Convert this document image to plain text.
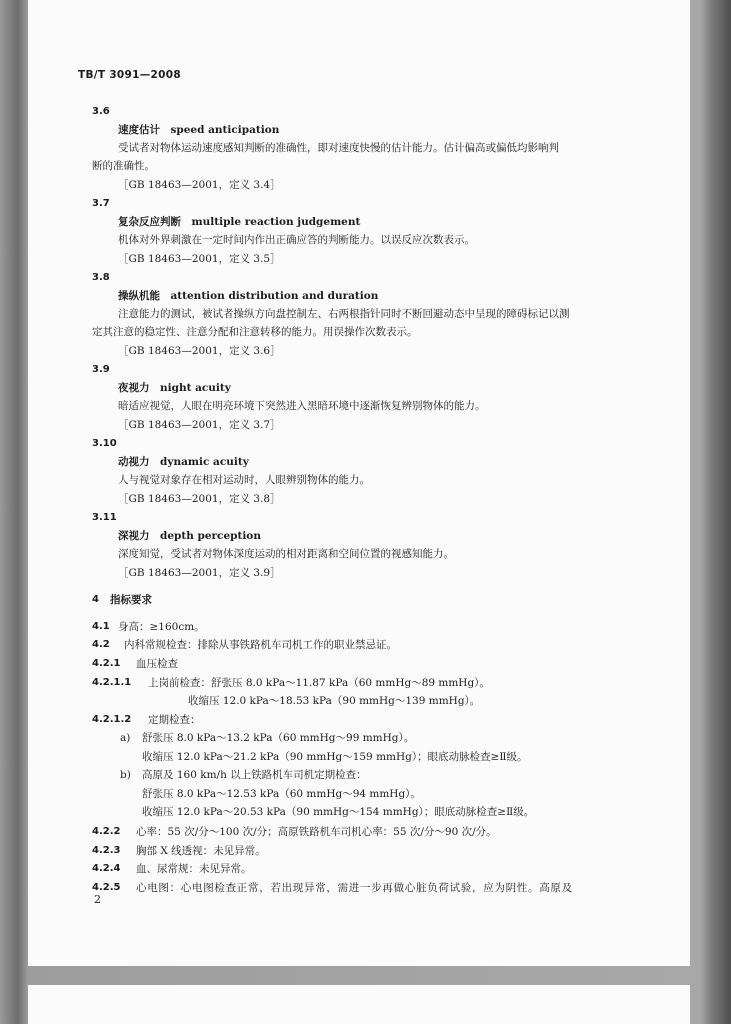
TB/T 3091—2008
3.6
速度估计　speed anticipation
受试者对物体运动速度感知判断的准确性，即对速度快慢的估计能力。估计偏高或偏低均影响判
断的准确性。
［GB 18463—2001，定义 3.4］
3.7
复杂反应判断　multiple reaction judgement
机体对外界刺激在一定时间内作出正确应答的判断能力。以误反应次数表示。
［GB 18463—2001，定义 3.5］
3.8
操纵机能　attention distribution and duration
注意能力的测试，被试者操纵方向盘控制左、右两根指针同时不断回避动态中呈现的障碍标记以测
定其注意的稳定性、注意分配和注意转移的能力。用误操作次数表示。
［GB 18463—2001，定义 3.6］
3.9
夜视力　night acuity
暗适应视觉，人眼在明亮环境下突然进入黑暗环境中逐渐恢复辨别物体的能力。
［GB 18463—2001，定义 3.7］
3.10
动视力　dynamic acuity
人与视觉对象存在相对运动时，人眼辨别物体的能力。
［GB 18463—2001，定义 3.8］
3.11
深视力　depth perception
深度知觉，受试者对物体深度运动的相对距离和空间位置的视感知能力。
［GB 18463—2001，定义 3.9］
4 指标要求
4.1 身高：≥160cm。
4.2 内科常规检查：排除从事铁路机车司机工作的职业禁忌证。
4.2.1 血压检查
4.2.1.1 上岗前检查：舒张压 8.0 kPa～11.87 kPa（60 mmHg～89 mmHg）。
收缩压 12.0 kPa～18.53 kPa（90 mmHg～139 mmHg）。
4.2.1.2 定期检查：
a) 舒张压 8.0 kPa～13.2 kPa（60 mmHg～99 mmHg）。
收缩压 12.0 kPa～21.2 kPa（90 mmHg～159 mmHg）；眼底动脉检查≥Ⅱ级。
b) 高原及 160 km/h 以上铁路机车司机定期检查：
舒张压 8.0 kPa～12.53 kPa（60 mmHg～94 mmHg）。
收缩压 12.0 kPa～20.53 kPa（90 mmHg～154 mmHg）；眼底动脉检查≥Ⅱ级。
4.2.2 心率：55 次/分～100 次/分；高原铁路机车司机心率：55 次/分～90 次/分。
4.2.3 胸部 X 线透视：未见异常。
4.2.4 血、尿常规：未见异常。
4.2.5 心电图：心电图检查正常，若出现异常，需进一步再做心脏负荷试验，应为阴性。高原及
2
